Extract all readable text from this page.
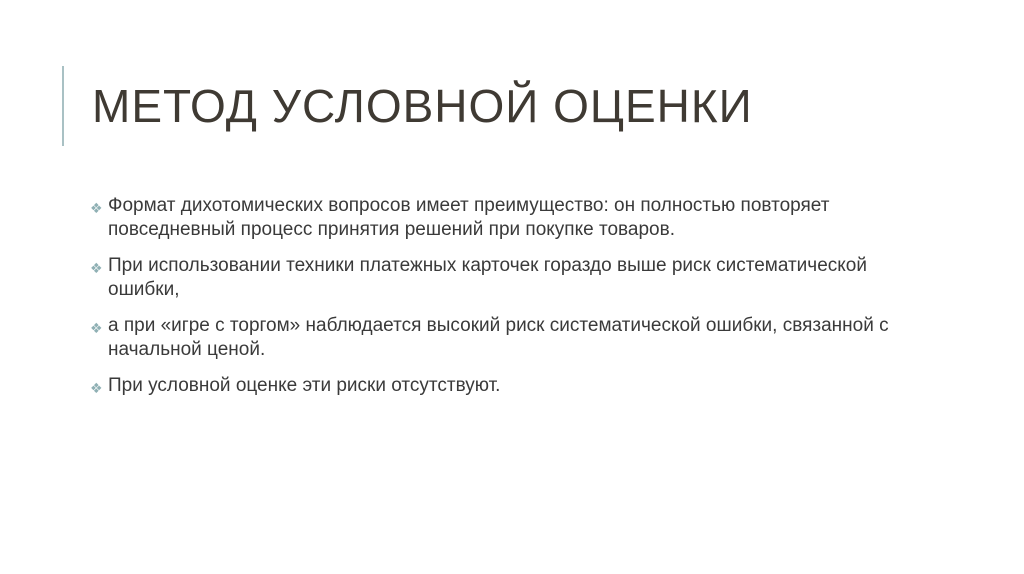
МЕТОД УСЛОВНОЙ ОЦЕНКИ
❖ Формат дихотомических вопросов имеет преимущество: он полностью повторяет повседневный процесс принятия решений при покупке товаров.
❖ При использовании техники платежных карточек гораздо выше риск систематической ошибки,
❖ а при «игре с торгом» наблюдается высокий риск систематической ошибки, связанной с начальной ценой.
❖ При условной оценке эти риски отсутствуют.
